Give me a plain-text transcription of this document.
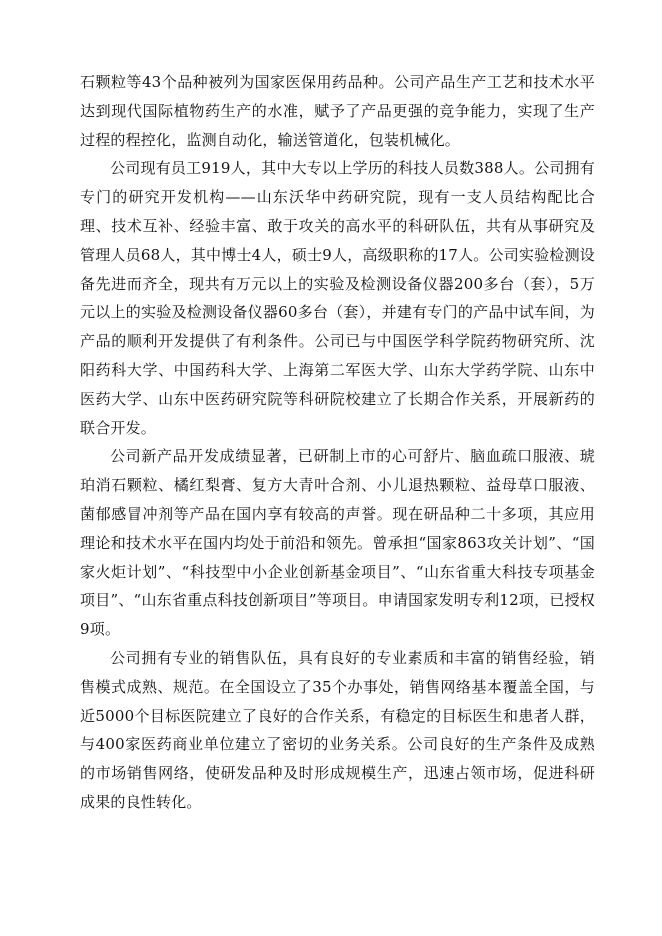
石颗粒等43个品种被列为国家医保用药品种。公司产品生产工艺和技术水平达到现代国际植物药生产的水准，赋予了产品更强的竞争能力，实现了生产过程的程控化，监测自动化，输送管道化，包装机械化。

公司现有员工919人，其中大专以上学历的科技人员数388人。公司拥有专门的研究开发机构——山东沃华中药研究院，现有一支人员结构配比合理、技术互补、经验丰富、敢于攻关的高水平的科研队伍，共有从事研究及管理人员68人，其中博士4人，硕士9人，高级职称的17人。公司实验检测设备先进而齐全，现共有万元以上的实验及检测设备仪器200多台（套），5万元以上的实验及检测设备仪器60多台（套），并建有专门的产品中试车间，为产品的顺利开发提供了有利条件。公司已与中国医学科学院药物研究所、沈阳药科大学、中国药科大学、上海第二军医大学、山东大学药学院、山东中医药大学、山东中医药研究院等科研院校建立了长期合作关系，开展新药的联合开发。

公司新产品开发成绩显著，已研制上市的心可舒片、脑血疏口服液、琥珀消石颗粒、橘红梨膏、复方大青叶合剂、小儿退热颗粒、益母草口服液、菌郁感冒冲剂等产品在国内享有较高的声誉。现在研品种二十多项，其应用理论和技术水平在国内均处于前沿和领先。曾承担“国家863攻关计划”、“国家火炬计划”、“科技型中小企业创新基金项目”、“山东省重大科技专项基金项目”、“山东省重点科技创新项目”等项目。申请国家发明专利12项，已授权9项。

公司拥有专业的销售队伍，具有良好的专业素质和丰富的销售经验，销售模式成熟、规范。在全国设立了35个办事处，销售网络基本覆盖全国，与近5000个目标医院建立了良好的合作关系，有稳定的目标医生和患者人群，与400家医药商业单位建立了密切的业务关系。公司良好的生产条件及成熟的市场销售网络，使研发品种及时形成规模生产，迅速占领市场，促进科研成果的良性转化。
